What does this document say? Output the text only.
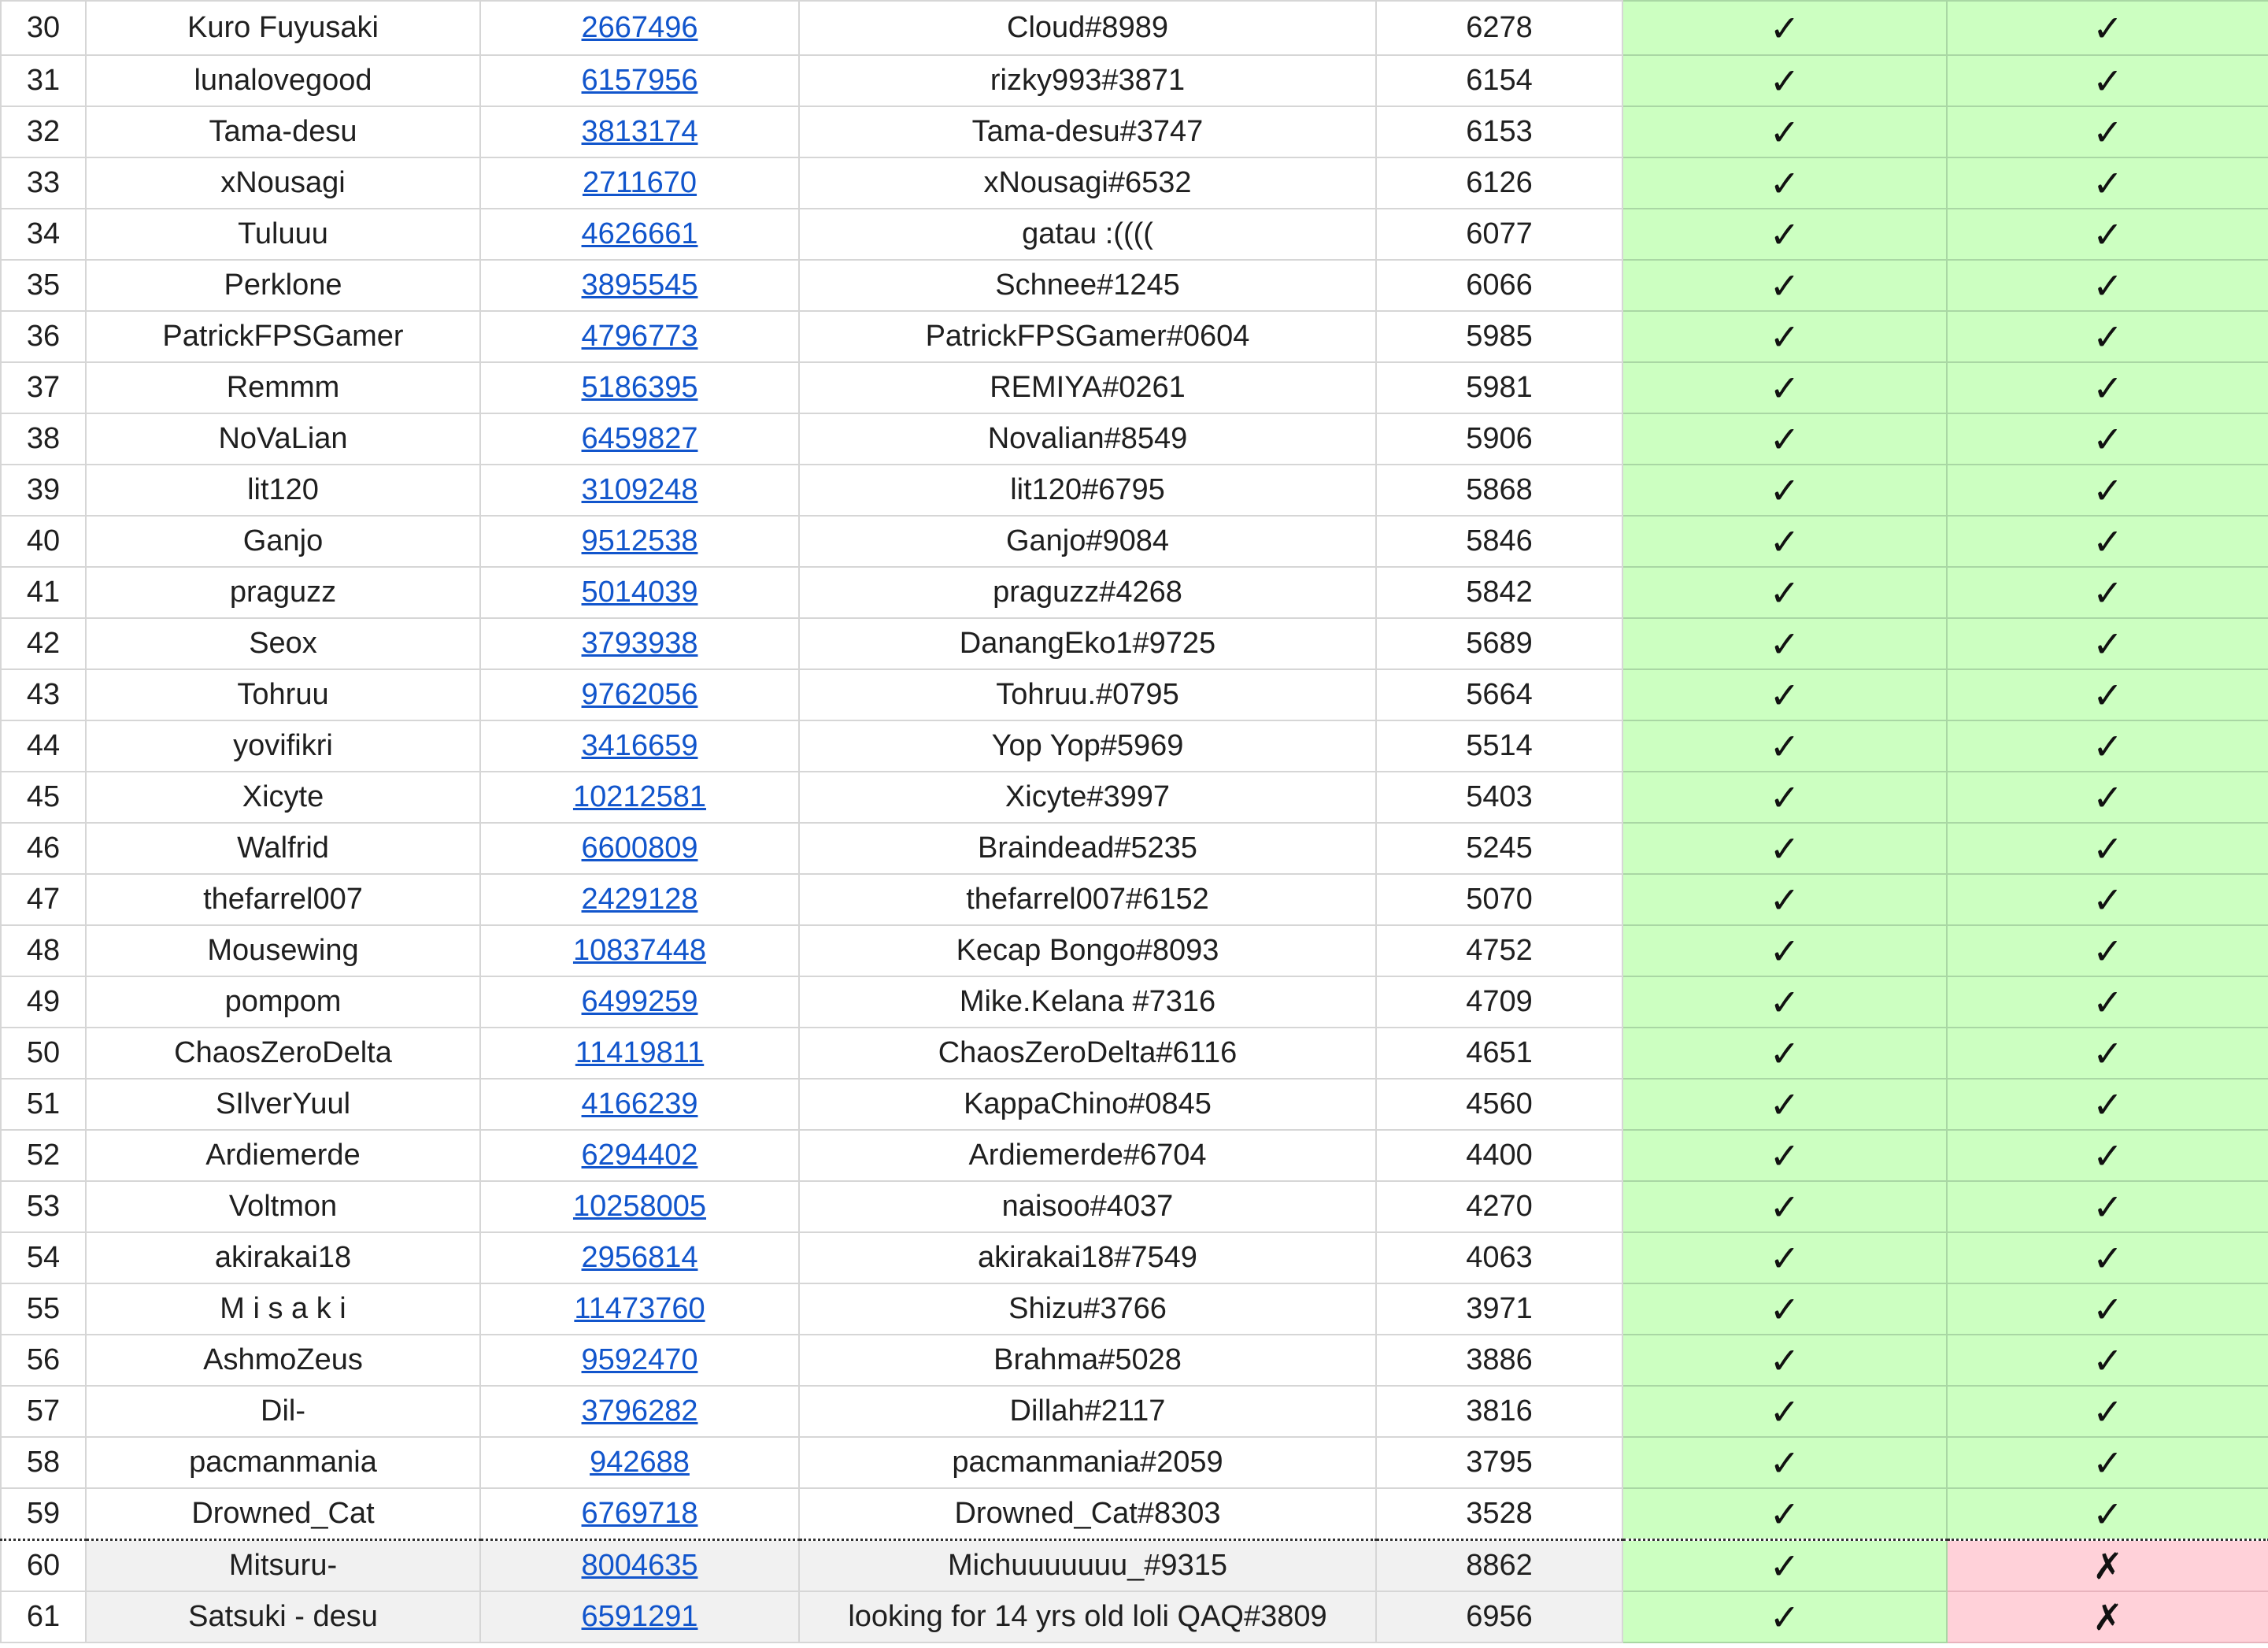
30	Kuro Fuyusaki	2667496	Cloud#8989	6278	✓	✓
31	lunalovegood	6157956	rizky993#3871	6154	✓	✓
32	Tama-desu	3813174	Tama-desu#3747	6153	✓	✓
33	xNousagi	2711670	xNousagi#6532	6126	✓	✓
34	Tuluuu	4626661	gatau :((((	6077	✓	✓
35	Perklone	3895545	Schnee#1245	6066	✓	✓
36	PatrickFPSGamer	4796773	PatrickFPSGamer#0604	5985	✓	✓
37	Remmm	5186395	REMIYA#0261	5981	✓	✓
38	NoVaLian	6459827	Novalian#8549	5906	✓	✓
39	lit120	3109248	lit120#6795	5868	✓	✓
40	Ganjo	9512538	Ganjo#9084	5846	✓	✓
41	praguzz	5014039	praguzz#4268	5842	✓	✓
42	Seox	3793938	DanangEko1#9725	5689	✓	✓
43	Tohruu	9762056	Tohruu.#0795	5664	✓	✓
44	yovifikri	3416659	Yop Yop#5969	5514	✓	✓
45	Xicyte	10212581	Xicyte#3997	5403	✓	✓
46	Walfrid	6600809	Braindead#5235	5245	✓	✓
47	thefarrel007	2429128	thefarrel007#6152	5070	✓	✓
48	Mousewing	10837448	Kecap Bongo#8093	4752	✓	✓
49	pompom	6499259	Mike.Kelana #7316	4709	✓	✓
50	ChaosZeroDelta	11419811	ChaosZeroDelta#6116	4651	✓	✓
51	SIlverYuul	4166239	KappaChino#0845	4560	✓	✓
52	Ardiemerde	6294402	Ardiemerde#6704	4400	✓	✓
53	Voltmon	10258005	naisoo#4037	4270	✓	✓
54	akirakai18	2956814	akirakai18#7549	4063	✓	✓
55	M i s a k i	11473760	Shizu#3766	3971	✓	✓
56	AshmoZeus	9592470	Brahma#5028	3886	✓	✓
57	Dil-	3796282	Dillah#2117	3816	✓	✓
58	pacmanmania	942688	pacmanmania#2059	3795	✓	✓
59	Drowned_Cat	6769718	Drowned_Cat#8303	3528	✓	✓
60	Mitsuru-	8004635	Michuuuuuuu_#9315	8862	✓	✗
61	Satsuki - desu	6591291	looking for 14 yrs old loli QAQ#3809	6956	✓	✗
